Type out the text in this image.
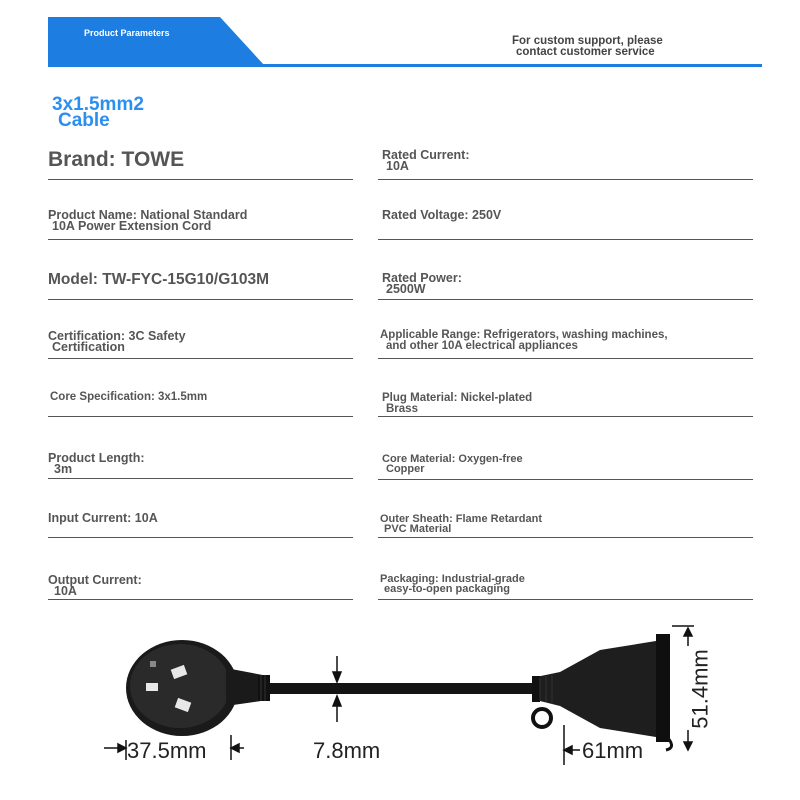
Product Parameters
For custom support, please
contact customer service
3x1.5mm2
Cable
Brand: TOWE
Product Name: National Standard
10A Power Extension Cord
Model: TW-FYC-15G10/G103M
Certification: 3C Safety
Certification
Core Specification: 3x1.5mm
Product Length:
3m
Input Current: 10A
Output Current:
10A
Rated Current:
10A
Rated Voltage: 250V
Rated Power:
2500W
Applicable Range: Refrigerators, washing machines,
and other 10A electrical appliances
Plug Material: Nickel-plated
Brass
Core Material: Oxygen-free
Copper
Outer Sheath: Flame Retardant
PVC Material
Packaging: Industrial-grade
easy-to-open packaging
37.5mm	7.8mm	61mm
51.4mm
